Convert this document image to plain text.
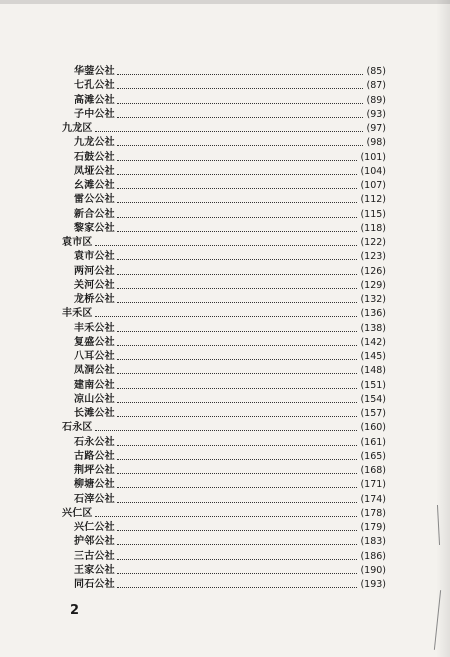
华蓥公社	(85)
七孔公社	(87)
高滩公社	(89)
子中公社	(93)
九龙区	(97)
九龙公社	(98)
石鼓公社	(101)
凤垭公社	(104)
幺滩公社	(107)
雷公公社	(112)
新合公社	(115)
黎家公社	(118)
袁市区	(122)
袁市公社	(123)
两河公社	(126)
关河公社	(129)
龙桥公社	(132)
丰禾区	(136)
丰禾公社	(138)
复盛公社	(142)
八耳公社	(145)
凤洞公社	(148)
建南公社	(151)
凉山公社	(154)
长滩公社	(157)
石永区	(160)
石永公社	(161)
古路公社	(165)
荆坪公社	(168)
柳塘公社	(171)
石滓公社	(174)
兴仁区	(178)
兴仁公社	(179)
护邻公社	(183)
三古公社	(186)
王家公社	(190)
同石公社	(193)
2
